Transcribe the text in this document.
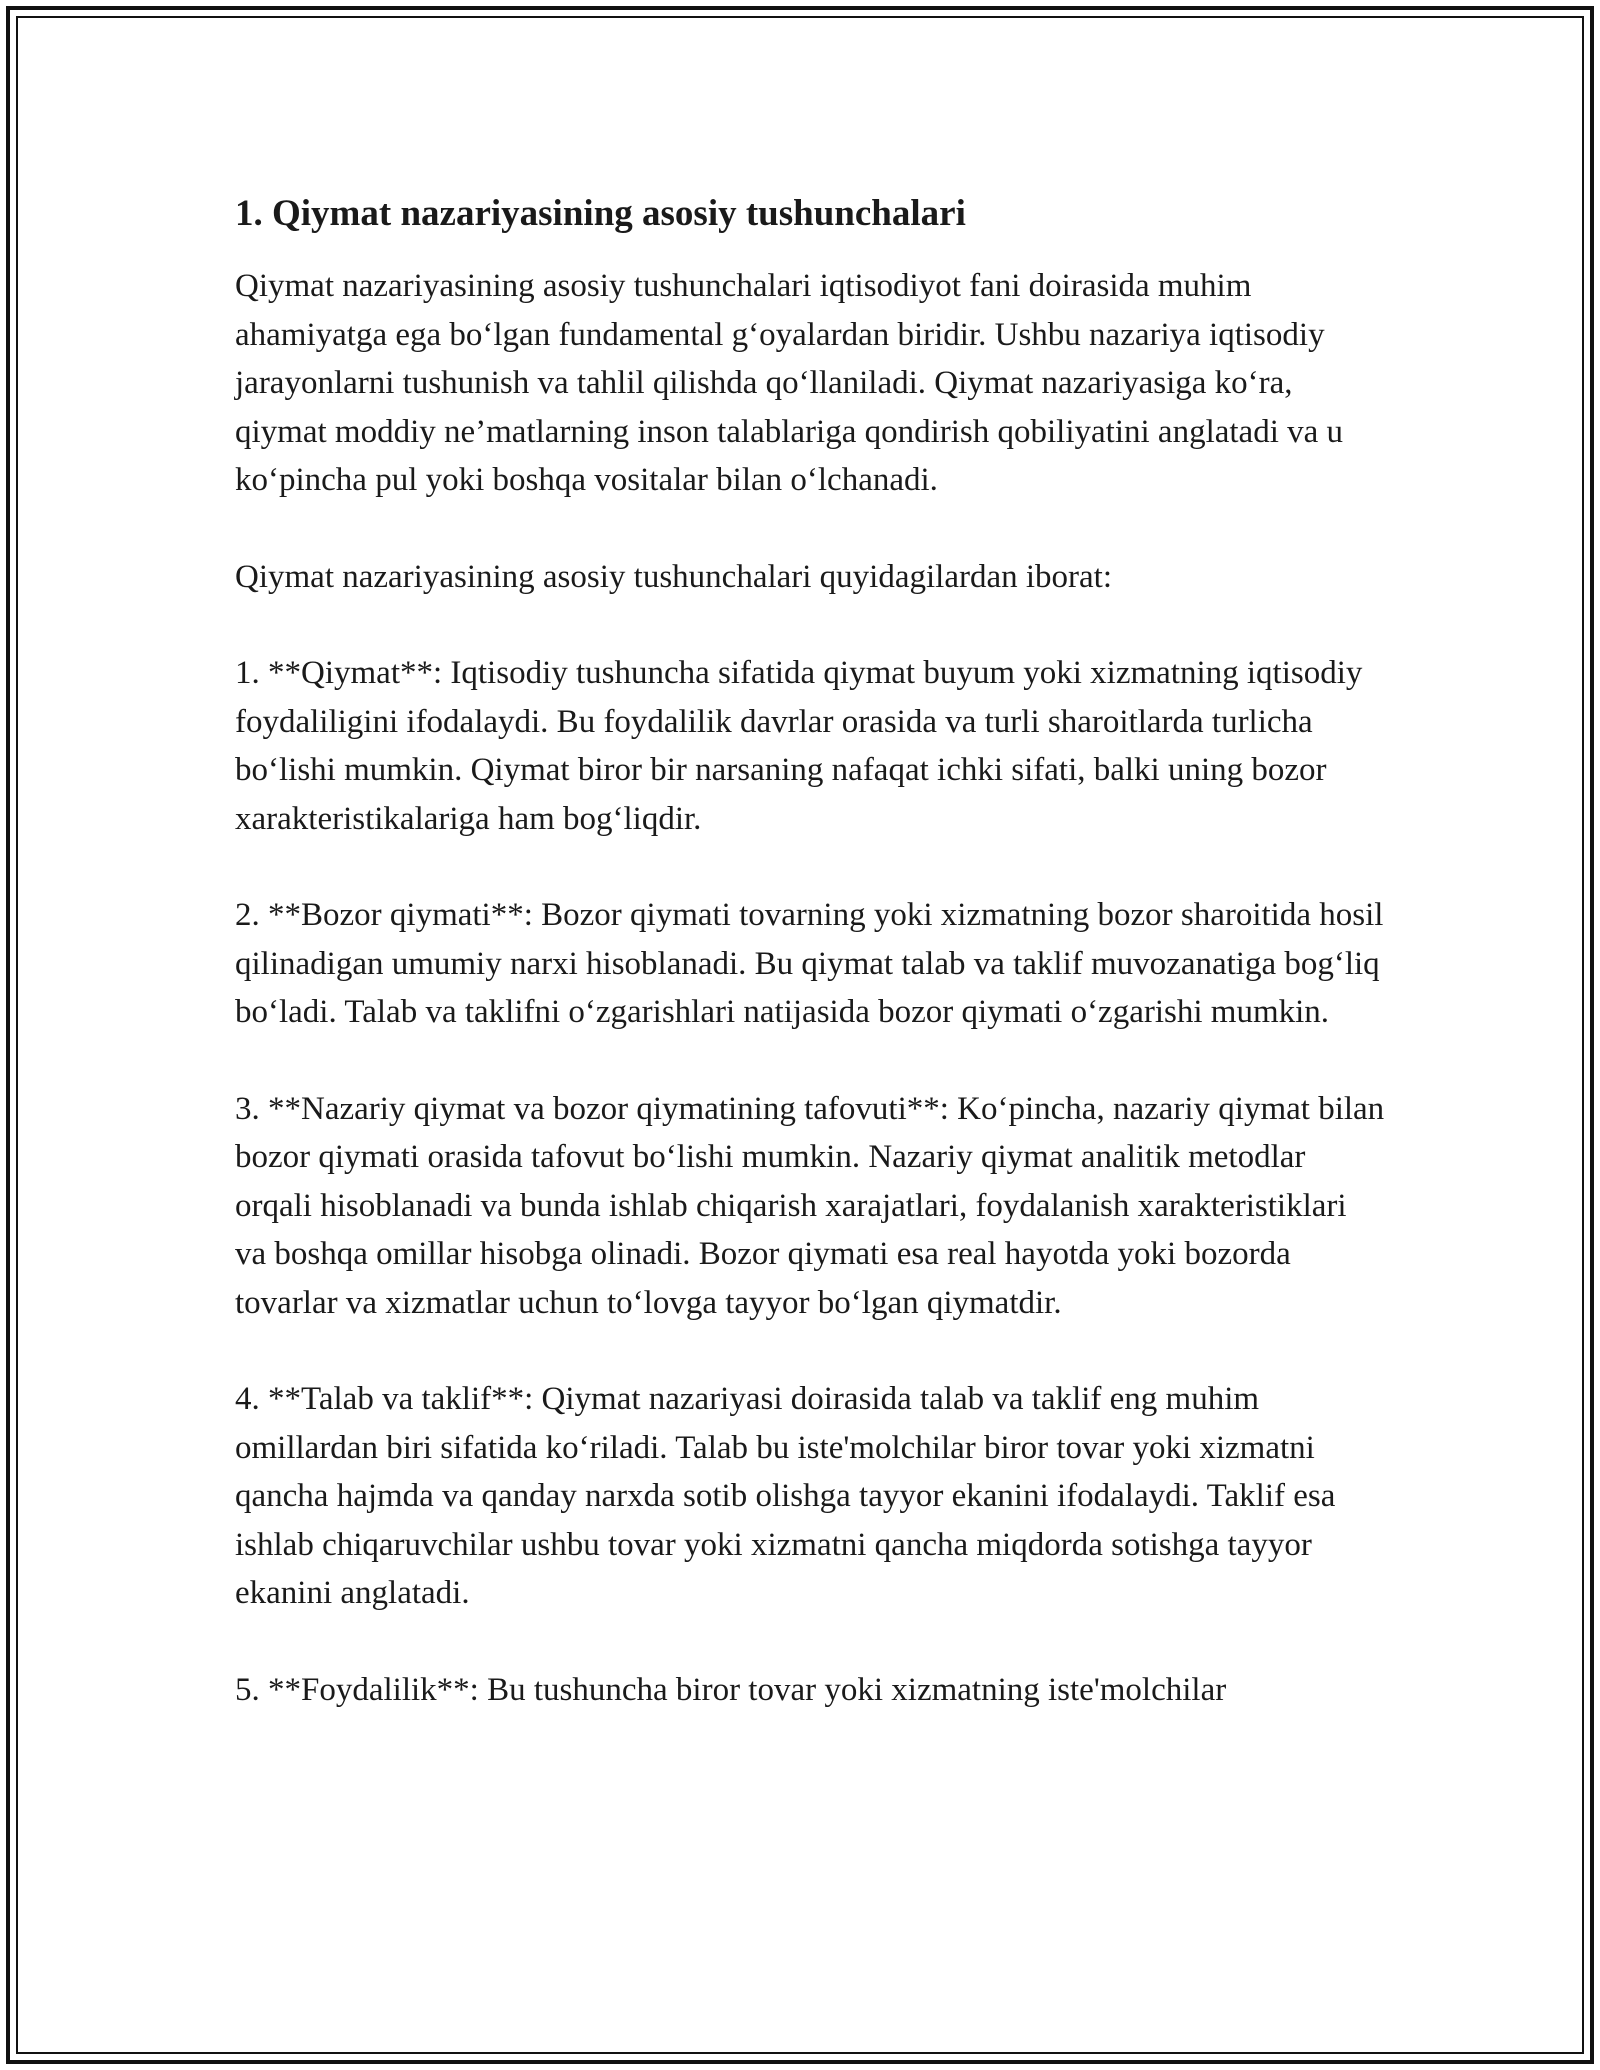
1. Qiymat nazariyasining asosiy tushunchalari

Qiymat nazariyasining asosiy tushunchalari iqtisodiyot fani doirasida muhim ahamiyatga ega bo‘lgan fundamental g‘oyalardan biridir. Ushbu nazariya iqtisodiy jarayonlarni tushunish va tahlil qilishda qo‘llaniladi. Qiymat nazariyasiga ko‘ra, qiymat moddiy ne’matlarning inson talablariga qondirish qobiliyatini anglatadi va u ko‘pincha pul yoki boshqa vositalar bilan o‘lchanadi.

Qiymat nazariyasining asosiy tushunchalari quyidagilardan iborat:

1. **Qiymat**: Iqtisodiy tushuncha sifatida qiymat buyum yoki xizmatning iqtisodiy foydaliligini ifodalaydi. Bu foydalilik davrlar orasida va turli sharoitlarda turlicha bo‘lishi mumkin. Qiymat biror bir narsaning nafaqat ichki sifati, balki uning bozor xarakteristikalariga ham bog‘liqdir.

2. **Bozor qiymati**: Bozor qiymati tovarning yoki xizmatning bozor sharoitida hosil qilinadigan umumiy narxi hisoblanadi. Bu qiymat talab va taklif muvozanatiga bog‘liq bo‘ladi. Talab va taklifni o‘zgarishlari natijasida bozor qiymati o‘zgarishi mumkin.

3. **Nazariy qiymat va bozor qiymatining tafovuti**: Ko‘pincha, nazariy qiymat bilan bozor qiymati orasida tafovut bo‘lishi mumkin. Nazariy qiymat analitik metodlar orqali hisoblanadi va bunda ishlab chiqarish xarajatlari, foydalanish xarakteristiklari va boshqa omillar hisobga olinadi. Bozor qiymati esa real hayotda yoki bozorda tovarlar va xizmatlar uchun to‘lovga tayyor bo‘lgan qiymatdir.

4. **Talab va taklif**: Qiymat nazariyasi doirasida talab va taklif eng muhim omillardan biri sifatida ko‘riladi. Talab bu iste'molchilar biror tovar yoki xizmatni qancha hajmda va qanday narxda sotib olishga tayyor ekanini ifodalaydi. Taklif esa ishlab chiqaruvchilar ushbu tovar yoki xizmatni qancha miqdorda sotishga tayyor ekanini anglatadi.

5. **Foydalilik**: Bu tushuncha biror tovar yoki xizmatning iste'molchilar
